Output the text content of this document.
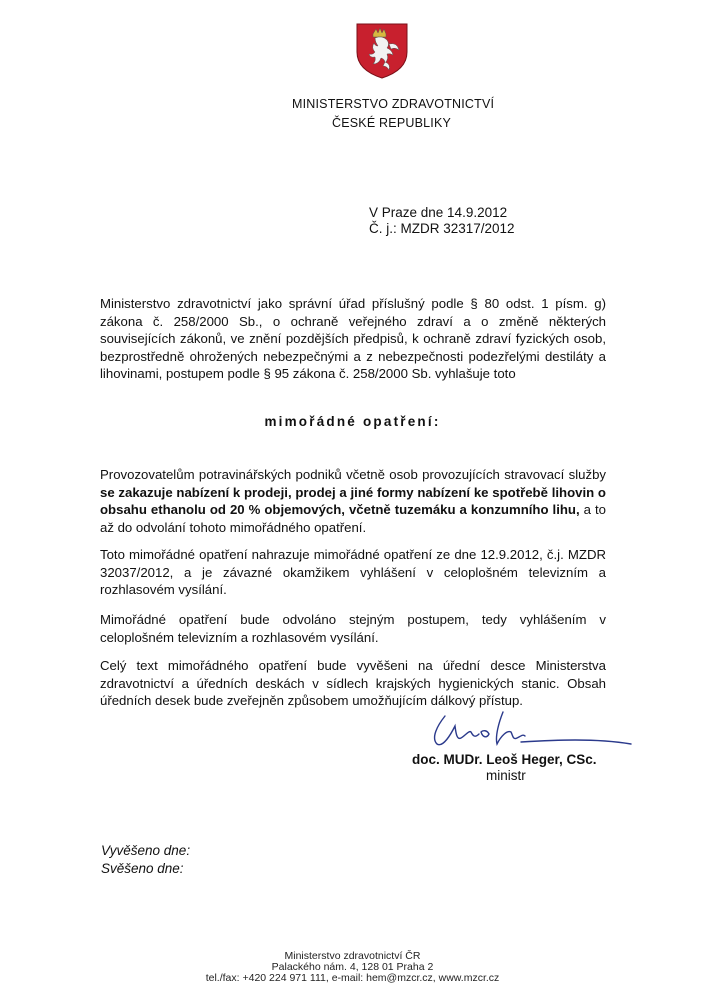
MINISTERSTVO ZDRAVOTNICTVÍ
ČESKÉ REPUBLIKY
V Praze dne 14.9.2012
Č. j.: MZDR 32317/2012
Ministerstvo zdravotnictví jako správní úřad příslušný podle § 80 odst. 1 písm. g) zákona č. 258/2000 Sb., o ochraně veřejného zdraví a o změně některých souvisejících zákonů, ve znění pozdějších předpisů, k ochraně zdraví fyzických osob, bezprostředně ohrožených nebezpečnými a z nebezpečnosti podezřelými destiláty a lihovinami, postupem podle § 95 zákona č. 258/2000 Sb. vyhlašuje toto
mimořádné opatření:
Provozovatelům potravinářských podniků včetně osob provozujících stravovací služby se zakazuje nabízení k prodeji, prodej a jiné formy nabízení ke spotřebě lihovin o obsahu ethanolu od 20 % objemových, včetně tuzemáku a konzumního lihu, a to až do odvolání tohoto mimořádného opatření.
Toto mimořádné opatření nahrazuje mimořádné opatření ze dne 12.9.2012, č.j. MZDR 32037/2012, a je závazné okamžikem vyhlášení v celoplošném televizním a rozhlasovém vysílání.
Mimořádné opatření bude odvoláno stejným postupem, tedy vyhlášením v celoplošném televizním a rozhlasovém vysílání.
Celý text mimořádného opatření bude vyvěšeni na úřední desce Ministerstva zdravotnictví a úředních deskách v sídlech krajských hygienických stanic. Obsah úředních desek bude zveřejněn způsobem umožňujícím dálkový přístup.
doc. MUDr. Leoš Heger, CSc.
ministr
Vyvěšeno dne:
Svěšeno dne:
Ministerstvo zdravotnictví ČR
Palackého nám. 4, 128 01 Praha 2
tel./fax: +420 224 971 111, e-mail: hem@mzcr.cz, www.mzcr.cz
